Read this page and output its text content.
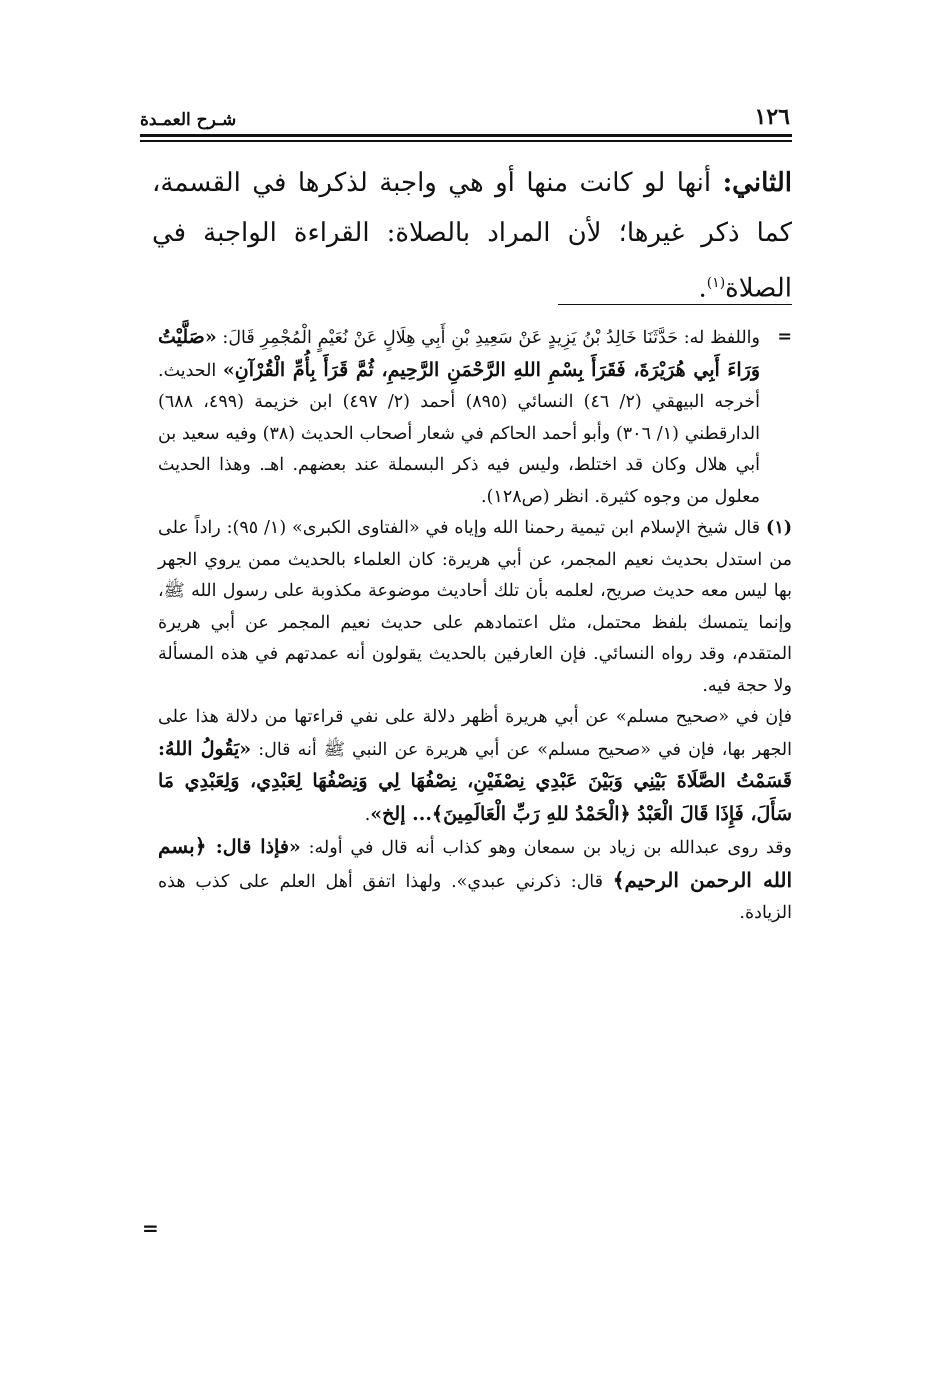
١٢٦
شـرح العمـدة

الثاني: أنها لو كانت منها أو هي واجبة لذكرها في القسمة، كما ذكر غيرها؛ لأن المراد بالصلاة: القراءة الواجبة في الصلاة$^{(١)}$.

=
واللفظ له: حَدَّثَنَا خَالِدُ بْنُ يَزِيدٍ عَنْ سَعِيدِ بْنِ أَبِي هِلَالٍ عَنْ نُعَيْمٍ الْمُجْمِرِ قَالَ: «صَلَّيْتُ وَرَاءَ أَبِي هُرَيْرَةَ، فَقَرَأَ بِسْمِ اللهِ الرَّحْمَنِ الرَّحِيمِ، ثُمَّ قَرَأَ بِأُمِّ الْقُرْآنِ» الحديث. أخرجه البيهقي (٢/ ٤٦) النسائي (٨٩٥) أحمد (٢/ ٤٩٧) ابن خزيمة (٤٩٩، ٦٨٨) الدارقطني (١/ ٣٠٦) وأبو أحمد الحاكم في شعار أصحاب الحديث (٣٨) وفيه سعيد بن أبي هلال وكان قد اختلط، وليس فيه ذكر البسملة عند بعضهم. اهـ. وهذا الحديث معلول من وجوه كثيرة. انظر (ص١٢٨).

(١) قال شيخ الإسلام ابن تيمية رحمنا الله وإياه في «الفتاوى الكبرى» (١/ ٩٥): راداً على من استدل بحديث نعيم المجمر، عن أبي هريرة: كان العلماء بالحديث ممن يروي الجهر بها ليس معه حديث صريح، لعلمه بأن تلك أحاديث موضوعة مكذوبة على رسول الله ﷺ، وإنما يتمسك بلفظ محتمل، مثل اعتمادهم على حديث نعيم المجمر عن أبي هريرة المتقدم، وقد رواه النسائي. فإن العارفين بالحديث يقولون أنه عمدتهم في هذه المسألة ولا حجة فيه.

فإن في «صحيح مسلم» عن أبي هريرة أظهر دلالة على نفي قراءتها من دلالة هذا على الجهر بها، فإن في «صحيح مسلم» عن أبي هريرة عن النبي ﷺ أنه قال: «يَقُولُ اللهُ: قَسَمْتُ الصَّلَاةَ بَيْنِي وَبَيْنَ عَبْدِي نِصْفَيْنِ، نِصْفُهَا لِي وَنِصْفُهَا لِعَبْدِي، وَلِعَبْدِي مَا سَأَلَ، فَإِذَا قَالَ الْعَبْدُ ﴿الْحَمْدُ للهِ رَبِّ الْعَالَمِينَ﴾... إلخ».

وقد روى عبدالله بن زياد بن سمعان وهو كذاب أنه قال في أوله: «فإذا قال: ﴿بسم الله الرحمن الرحيم﴾ قال: ذكرني عبدي». ولهذا اتفق أهل العلم على كذب هذه الزيادة.

=
